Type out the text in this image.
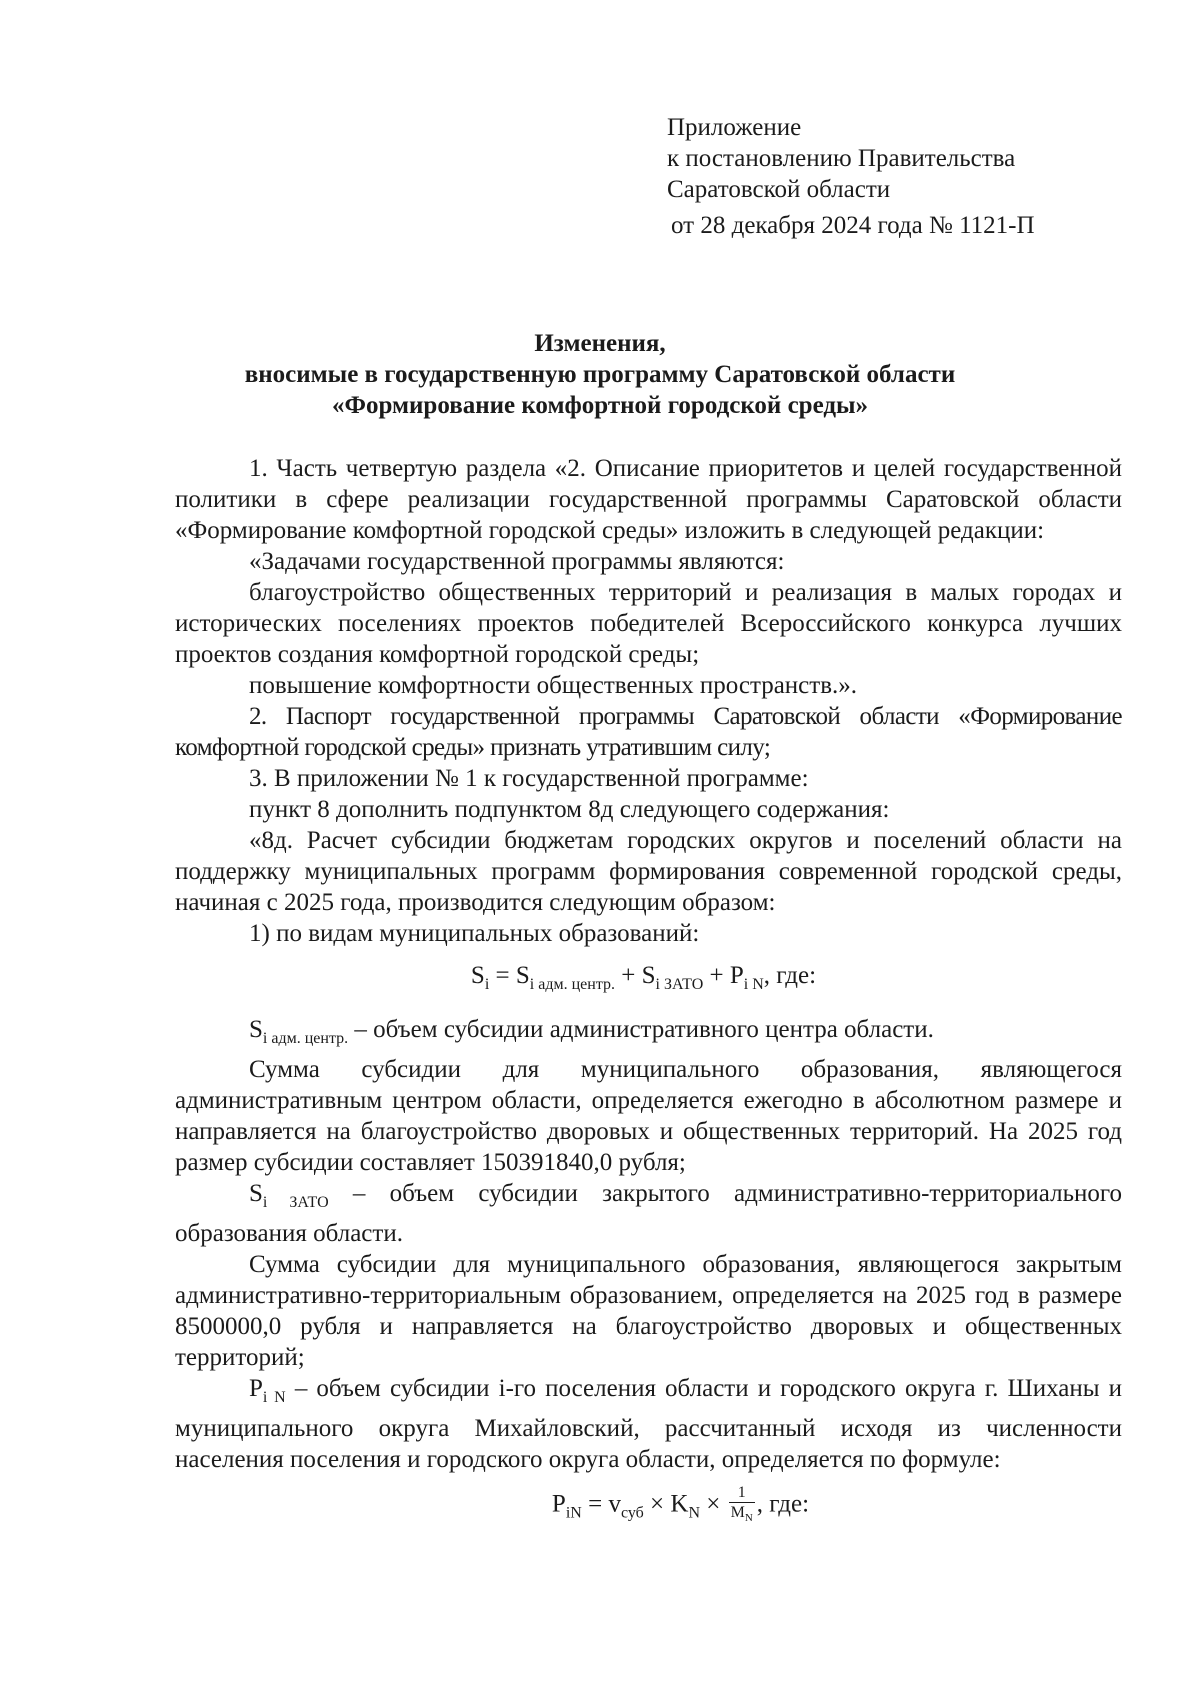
Приложение
к постановлению Правительства
Саратовской области
от 28 декабря 2024 года № 1121-П
Изменения,
вносимые в государственную программу Саратовской области
«Формирование комфортной городской среды»

1. Часть четвертую раздела «2. Описание приоритетов и целей государственной политики в сфере реализации государственной программы Саратовской области «Формирование комфортной городской среды» изложить в следующей редакции:

«Задачами государственной программы являются:

благоустройство общественных территорий и реализация в малых городах и исторических поселениях проектов победителей Всероссийского конкурса лучших проектов создания комфортной городской среды;

повышение комфортности общественных пространств.».

2. Паспорт государственной программы Саратовской области «Формирование комфортной городской среды» признать утратившим силу;

3. В приложении № 1 к государственной программе:

пункт 8 дополнить подпунктом 8д следующего содержания:

«8д. Расчет субсидии бюджетам городских округов и поселений области на поддержку муниципальных программ формирования современной городской среды, начиная с 2025 года, производится следующим образом:

1) по видам муниципальных образований:

$S_i = S_{i адм. центр.} + S_{i ЗАТО} + P_{i N}$, где:

$S_{i адм. центр.}$ – объем субсидии административного центра области.

Сумма субсидии для муниципального образования, являющегося административным центром области, определяется ежегодно в абсолютном размере и направляется на благоустройство дворовых и общественных территорий. На 2025 год размер субсидии составляет 150391840,0 рубля;

$S_{i ЗАТО}$ – объем субсидии закрытого административно-территориального образования области.

Сумма субсидии для муниципального образования, являющегося закрытым административно-территориальным образованием, определяется на 2025 год в размере 8500000,0 рубля и направляется на благоустройство дворовых и общественных территорий;

$P_{i N}$ – объем субсидии i-го поселения области и городского округа г. Шиханы и муниципального округа Михайловский, рассчитанный исходя из численности населения поселения и городского округа области, определяется по формуле:

$P_{iN} = v_{суб} \times K_N \times \frac{1}{M_N}$ , где:
